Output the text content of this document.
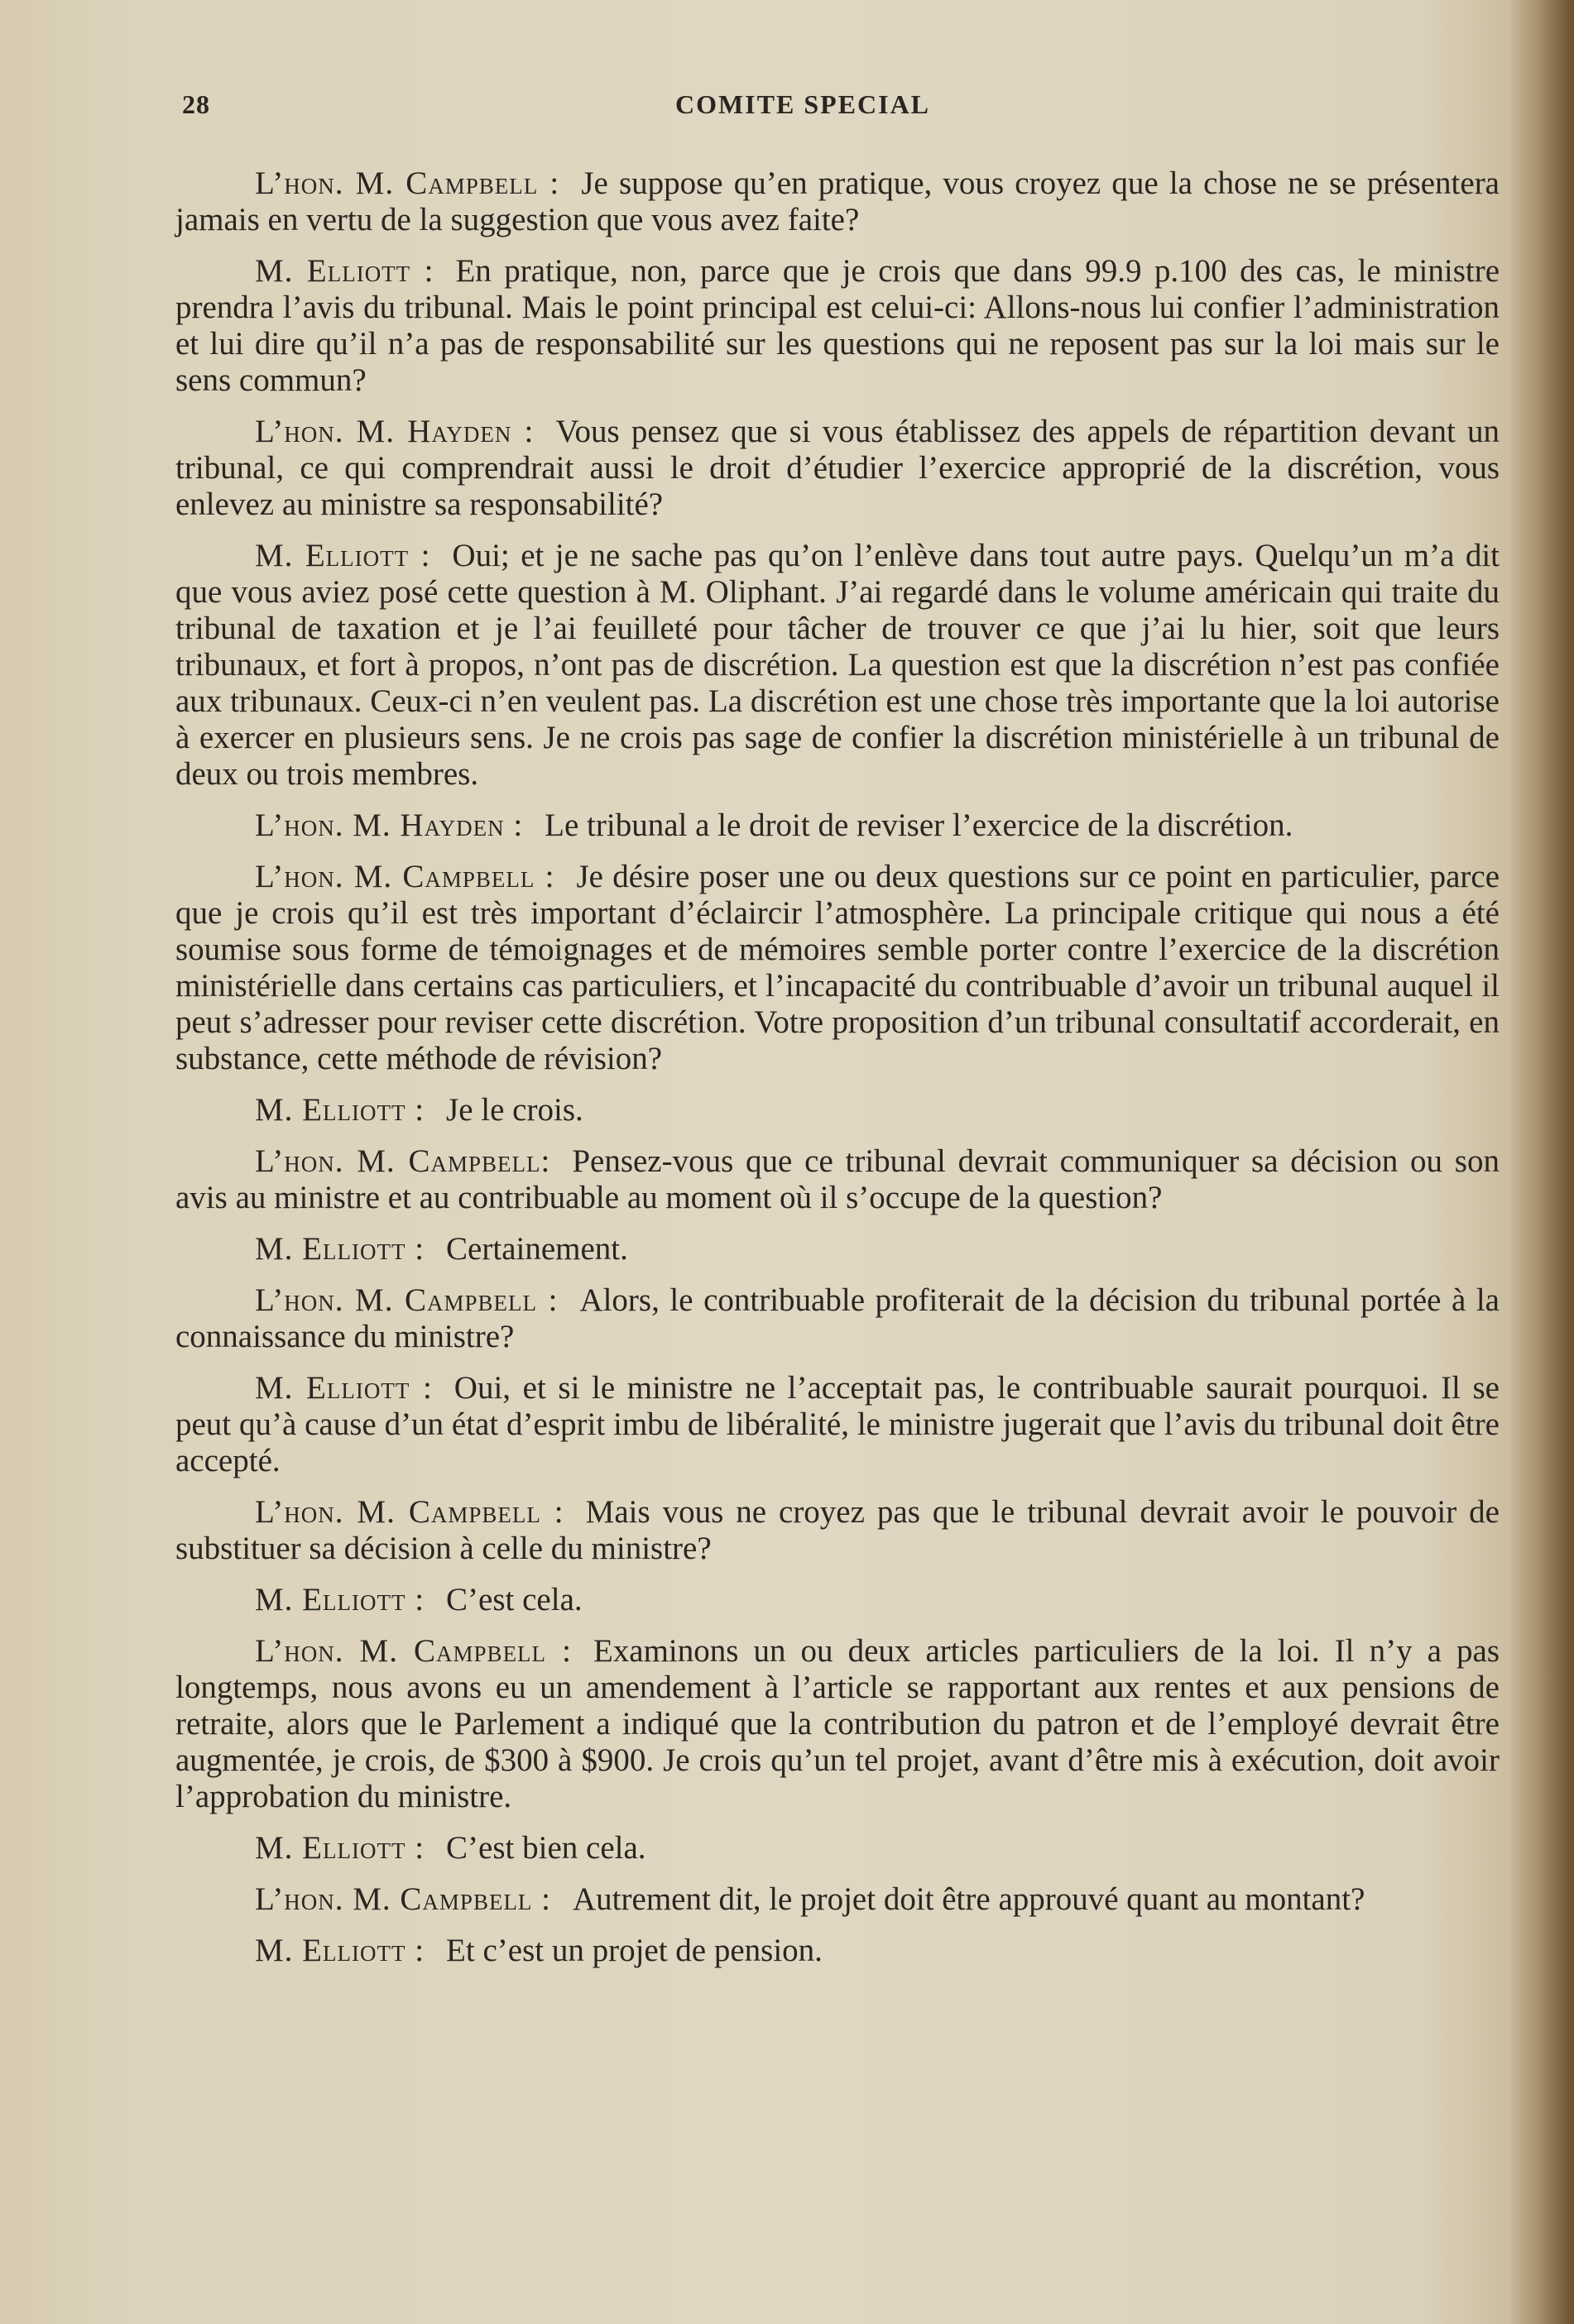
28	COMITE SPECIAL

L’hon. M. Campbell : Je suppose qu’en pratique, vous croyez que la chose ne se présentera jamais en vertu de la suggestion que vous avez faite?

M. Elliott : En pratique, non, parce que je crois que dans 99.9 p.100 des cas, le ministre prendra l’avis du tribunal. Mais le point principal est celui-ci: Allons-nous lui confier l’administration et lui dire qu’il n’a pas de responsabilité sur les questions qui ne reposent pas sur la loi mais sur le sens commun?

L’hon. M. Hayden : Vous pensez que si vous établissez des appels de répartition devant un tribunal, ce qui comprendrait aussi le droit d’étudier l’exercice approprié de la discrétion, vous enlevez au ministre sa responsabilité?

M. Elliott : Oui; et je ne sache pas qu’on l’enlève dans tout autre pays. Quelqu’un m’a dit que vous aviez posé cette question à M. Oliphant. J’ai regardé dans le volume américain qui traite du tribunal de taxation et je l’ai feuilleté pour tâcher de trouver ce que j’ai lu hier, soit que leurs tribunaux, et fort à propos, n’ont pas de discrétion. La question est que la discrétion n’est pas confiée aux tribunaux. Ceux-ci n’en veulent pas. La discrétion est une chose très importante que la loi autorise à exercer en plusieurs sens. Je ne crois pas sage de confier la discrétion ministérielle à un tribunal de deux ou trois membres.

L’hon. M. Hayden : Le tribunal a le droit de reviser l’exercice de la discrétion.

L’hon. M. Campbell : Je désire poser une ou deux questions sur ce point en particulier, parce que je crois qu’il est très important d’éclaircir l’atmosphère. La principale critique qui nous a été soumise sous forme de témoignages et de mémoires semble porter contre l’exercice de la discrétion ministérielle dans certains cas particuliers, et l’incapacité du contribuable d’avoir un tribunal auquel il peut s’adresser pour reviser cette discrétion. Votre proposition d’un tribunal consultatif accorderait, en substance, cette méthode de révision?

M. Elliott : Je le crois.

L’hon. M. Campbell: Pensez-vous que ce tribunal devrait communiquer sa décision ou son avis au ministre et au contribuable au moment où il s’occupe de la question?

M. Elliott : Certainement.

L’hon. M. Campbell : Alors, le contribuable profiterait de la décision du tribunal portée à la connaissance du ministre?

M. Elliott : Oui, et si le ministre ne l’acceptait pas, le contribuable saurait pourquoi. Il se peut qu’à cause d’un état d’esprit imbu de libéralité, le ministre jugerait que l’avis du tribunal doit être accepté.

L’hon. M. Campbell : Mais vous ne croyez pas que le tribunal devrait avoir le pouvoir de substituer sa décision à celle du ministre?

M. Elliott : C’est cela.

L’hon. M. Campbell : Examinons un ou deux articles particuliers de la loi. Il n’y a pas longtemps, nous avons eu un amendement à l’article se rapportant aux rentes et aux pensions de retraite, alors que le Parlement a indiqué que la contribution du patron et de l’employé devrait être augmentée, je crois, de $300 à $900. Je crois qu’un tel projet, avant d’être mis à exécution, doit avoir l’approbation du ministre.

M. Elliott : C’est bien cela.

L’hon. M. Campbell : Autrement dit, le projet doit être approuvé quant au montant?

M. Elliott : Et c’est un projet de pension.
